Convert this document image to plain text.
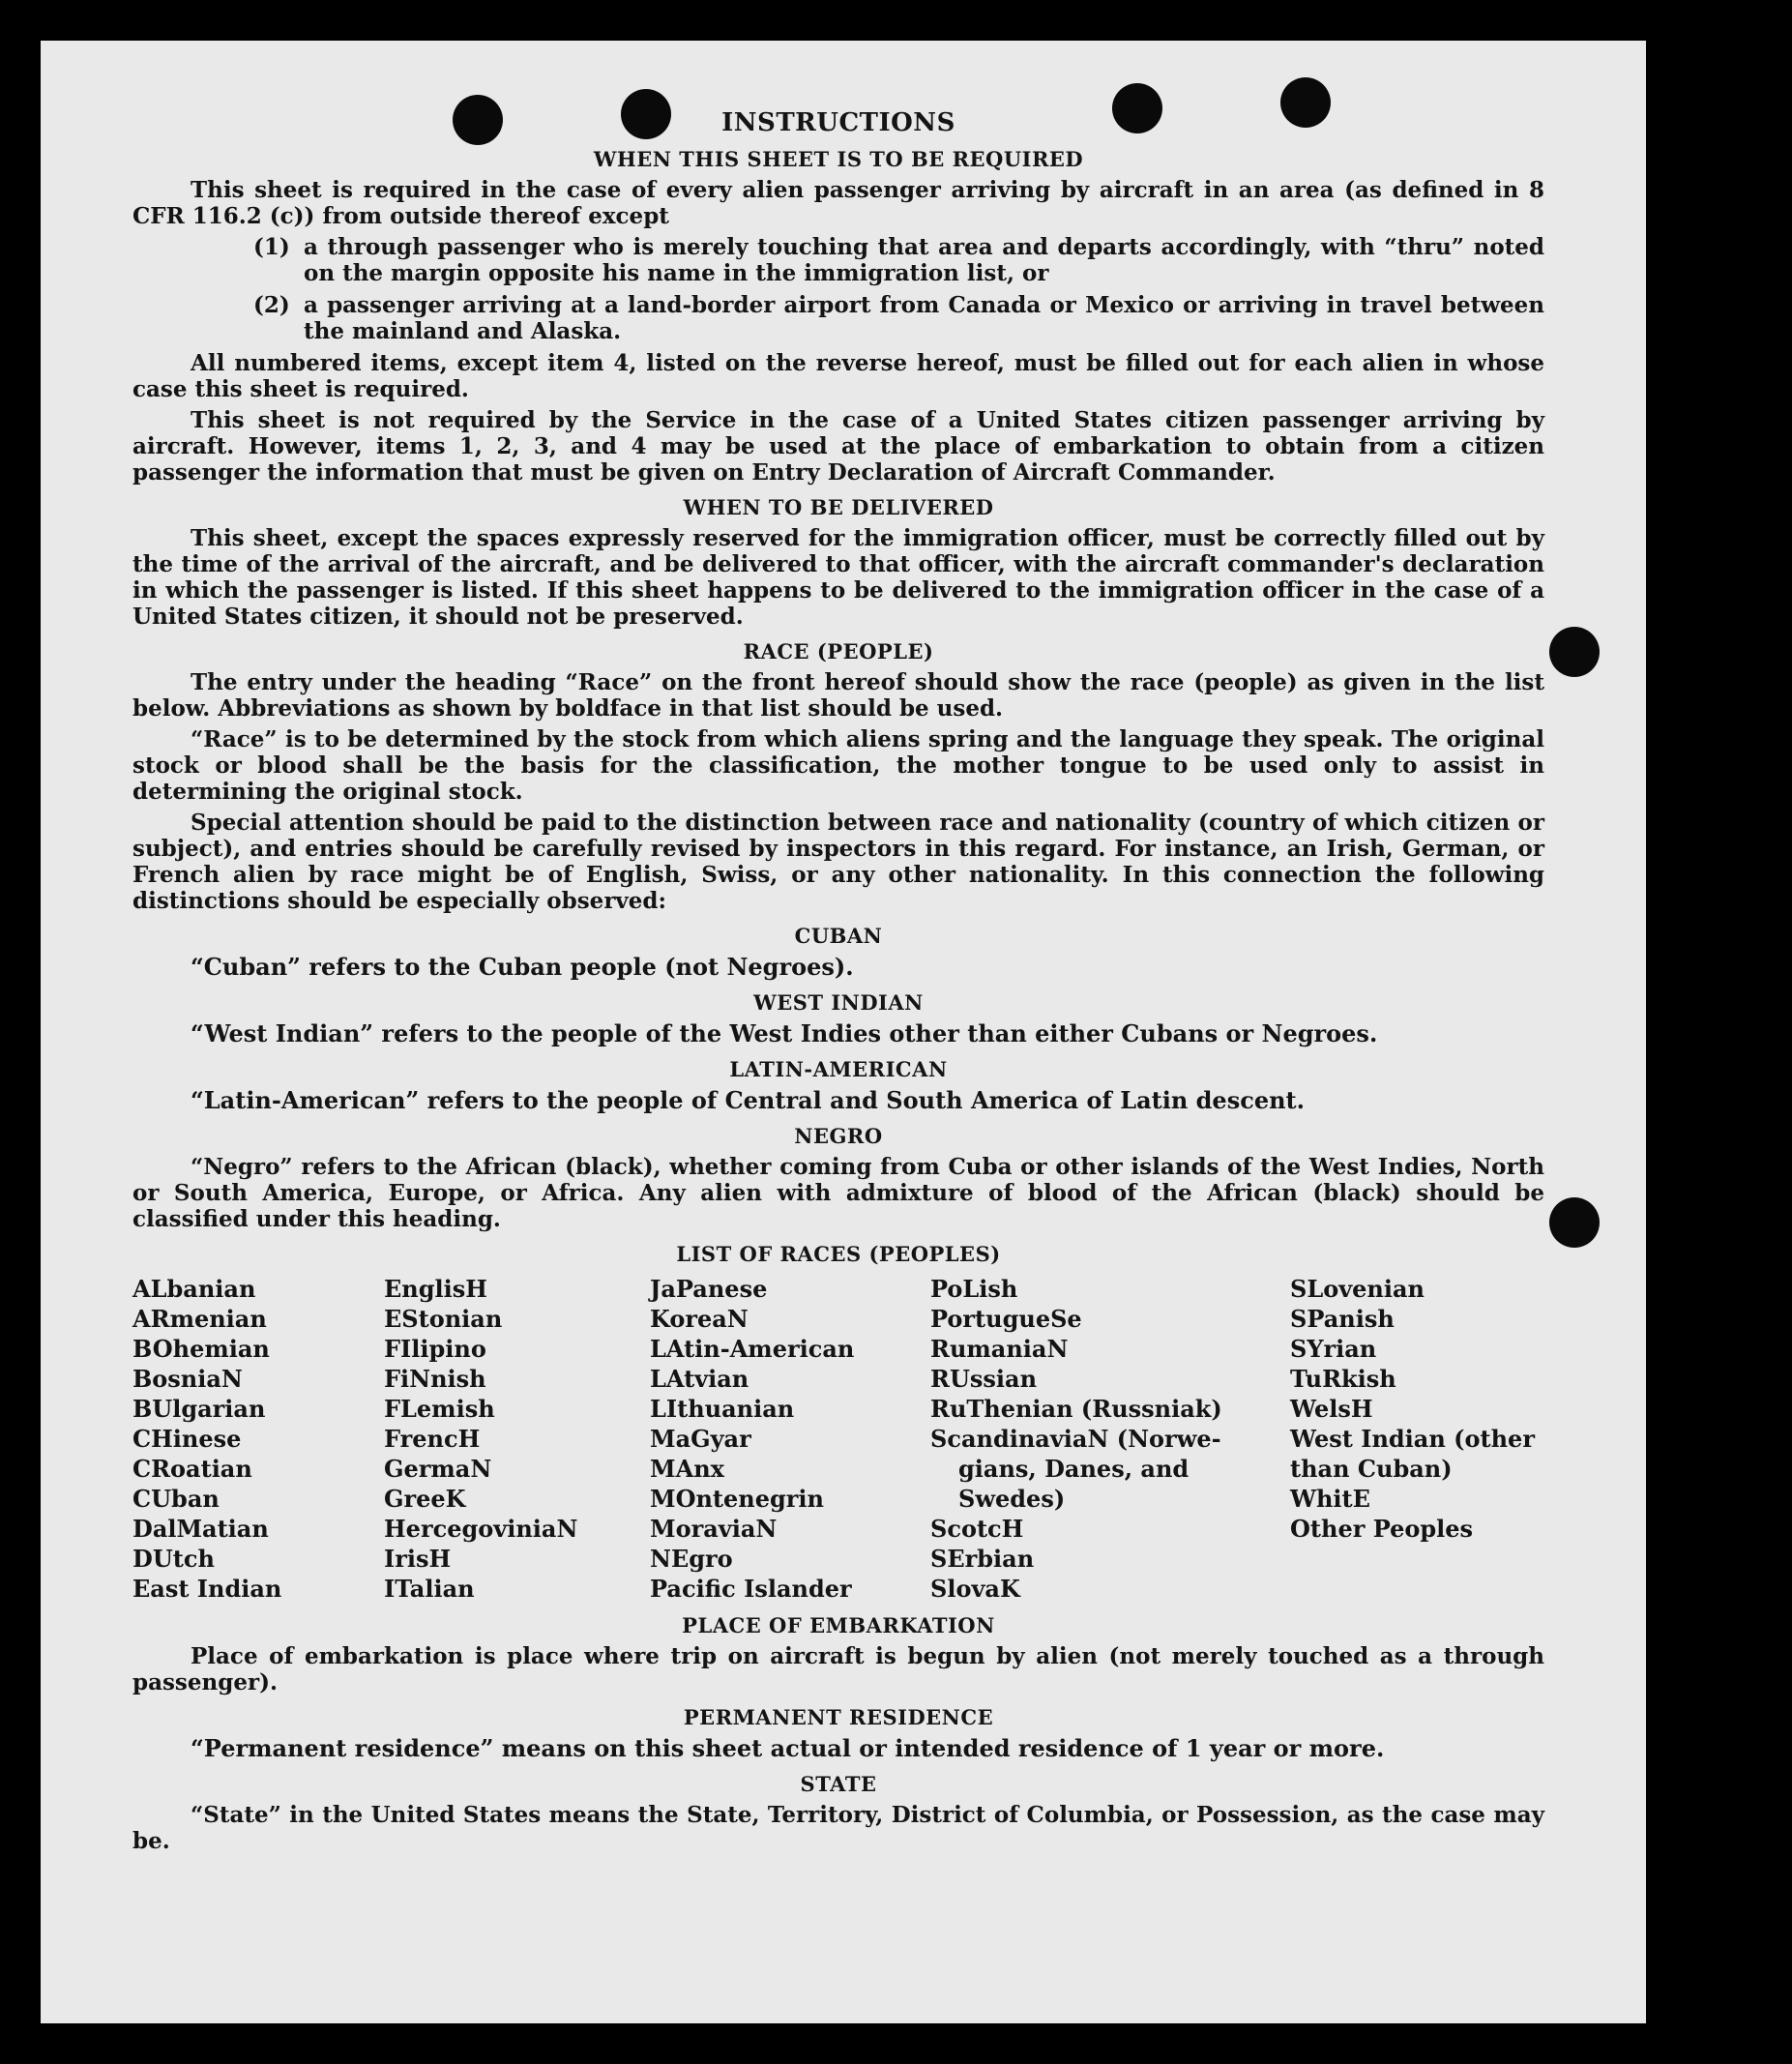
INSTRUCTIONS
WHEN THIS SHEET IS TO BE REQUIRED

This sheet is required in the case of every alien passenger arriving by aircraft in an area (as defined in 8 CFR 116.2 (c)) from outside thereof except

(1) a through passenger who is merely touching that area and departs accordingly, with “thru” noted on the margin opposite his name in the immigration list, or
(2) a passenger arriving at a land-border airport from Canada or Mexico or arriving in travel between the mainland and Alaska.

All numbered items, except item 4, listed on the reverse hereof, must be filled out for each alien in whose case this sheet is required.

This sheet is not required by the Service in the case of a United States citizen passenger arriving by aircraft. However, items 1, 2, 3, and 4 may be used at the place of embarkation to obtain from a citizen passenger the information that must be given on Entry Declaration of Aircraft Commander.

WHEN TO BE DELIVERED

This sheet, except the spaces expressly reserved for the immigration officer, must be correctly filled out by the time of the arrival of the aircraft, and be delivered to that officer, with the aircraft commander's declaration in which the passenger is listed. If this sheet happens to be delivered to the immigration officer in the case of a United States citizen, it should not be preserved.

RACE (PEOPLE)

The entry under the heading “Race” on the front hereof should show the race (people) as given in the list below. Abbreviations as shown by boldface in that list should be used.

“Race” is to be determined by the stock from which aliens spring and the language they speak. The original stock or blood shall be the basis for the classification, the mother tongue to be used only to assist in determining the original stock.

Special attention should be paid to the distinction between race and nationality (country of which citizen or subject), and entries should be carefully revised by inspectors in this regard. For instance, an Irish, German, or French alien by race might be of English, Swiss, or any other nationality. In this connection the following distinctions should be especially observed:

CUBAN
“Cuban” refers to the Cuban people (not Negroes).
WEST INDIAN
“West Indian” refers to the people of the West Indies other than either Cubans or Negroes.
LATIN-AMERICAN
“Latin-American” refers to the people of Central and South America of Latin descent.
NEGRO

“Negro” refers to the African (black), whether coming from Cuba or other islands of the West Indies, North or South America, Europe, or Africa. Any alien with admixture of blood of the African (black) should be classified under this heading.

LIST OF RACES (PEOPLES)
ALbanian
ARmenian
BOhemian
BosniaN
BUlgarian
CHinese
CRoatian
CUban
DalMatian
DUtch
East Indian
EnglisH
EStonian
FIlipino
FiNnish
FLemish
FrencH
GermaN
GreeK
HercegoviniaN
IrisH
ITalian
JaPanese
KoreaN
LAtin-American
LAtvian
LIthuanian
MaGyar
MAnx
MOntenegrin
MoraviaN
NEgro
Pacific Islander
PoLish
PortugueSe
RumaniaN
RUssian
RuThenian (Russniak)
ScandinaviaN (Norwe-
gians, Danes, and
Swedes)
ScotcH
SErbian
SlovaK
SLovenian
SPanish
SYrian
TuRkish
WelsH
West Indian (other
than Cuban)
WhitE
Other Peoples
PLACE OF EMBARKATION

Place of embarkation is place where trip on aircraft is begun by alien (not merely touched as a through passenger).

PERMANENT RESIDENCE
“Permanent residence” means on this sheet actual or intended residence of 1 year or more.
STATE

“State” in the United States means the State, Territory, District of Columbia, or Possession, as the case may be.
